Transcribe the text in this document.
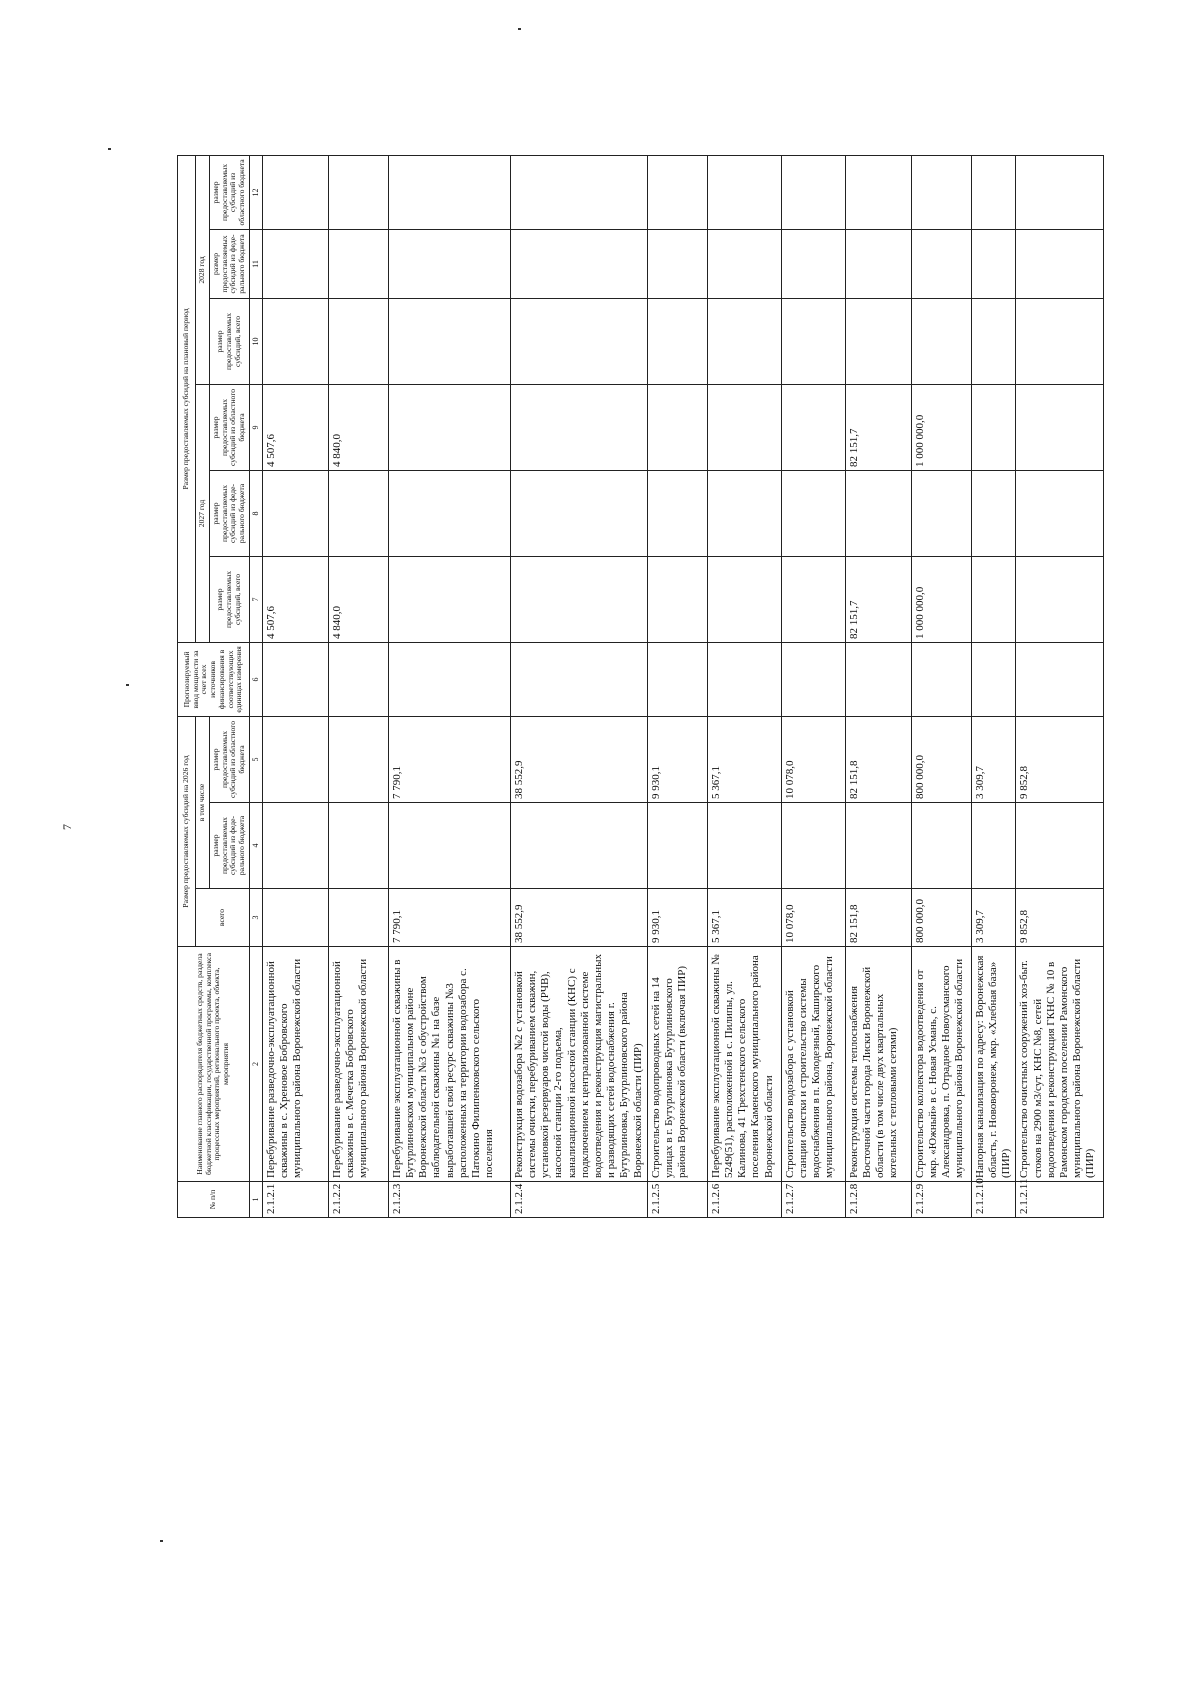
7
№ п/п	Наименование главного распорядителя бюджетных средств, раздела бюджетной классификации, государственной программы, комплекса процессных мероприятий, регионального проекта, объекта, мероприятия	Размер предоставляемых субсидий на 2026 год			Прогнозируемый ввод мощности за счет всех источников финансирования в соответствующих единицах измерения	Размер предоставляемых субсидий на плановый период					
		всего	в том числе			2027 год			2028 год		
			размер предоставляемых субсидий из феде-рального бюджета	размер предоставляемых субсидий из областного бюджета		размер предоставляемых субсидий, всего	размер предоставляемых субсидий из феде-рального бюджета	размер предоставляемых субсидий из областного бюджета	размер предоставляемых субсидий, всего	размер предоставляемых субсидий из феде-рального бюджета	размер предоставляемых субсидий из областного бюджета

1	2	3	4	5	6	7	8	9	10	11	12
2.1.2.1	Перебуривание разведочно-эксплуатационной скважины в с. Хреновое Бобровского муниципального района Воронежской области					4 507,6		4 507,6			
2.1.2.2	Перебуривание разведочно-эксплуатационной скважины в с. Мечетка Бобровского муниципального района Воронежской области					4 840,0		4 840,0			
2.1.2.3	Перебуривание эксплуатационной скважины в Бутурлиновском муниципальном районе Воронежской области №3 с обустройством наблюдательной скважины №1 на базе выработавшей свой ресурс скважины №3 расположенных на территории водозабора с. Патокино Филипенковского сельского поселения	7 790,1		7 790,1							
2.1.2.4	Реконструкция водозабора №2 с установкой системы очистки, перебуриванием скважин, установкой резервуаров чистой воды (РЧВ), насосной станции 2-го подъема, канализационной насосной станции (КНС) с подключением к централизованной системе водоотведения и реконструкция магистральных и разводящих сетей водоснабжения г. Бутурлиновка, Бутурлиновского района Воронежской области (ПИР)	38 552,9		38 552,9							
2.1.2.5	Строительство водопроводных сетей на 14 улицах в г. Бутурлиновка Бутурлиновского района Воронежской области (включая ПИР)	9 930,1		9 930,1							
2.1.2.6	Перебуривание эксплуатационной скважины № 5249(51), расположенной в с. Пилипы, ул. Калинова, 41 Трехстенского сельского поселения Каменского муниципального района Воронежской области	5 367,1		5 367,1							
2.1.2.7	Строительство водозабора с установкой станции очистки и строительство системы водоснабжения в п. Колодезный, Каширского муниципального района, Воронежской области	10 078,0		10 078,0							
2.1.2.8	Реконструкция системы теплоснабжения Восточной части города Лиски Воронежской области (в том числе двух квартальных котельных с тепловыми сетями)	82 151,8		82 151,8		82 151,7		82 151,7			
2.1.2.9	Строительство коллектора водоотведения от мкр. «Южный» в с. Новая Усмань, с. Александровка, п. Отрадное Новоусманского муниципального района Воронежской области	800 000,0		800 000,0		1 000 000,0		1 000 000,0			
2.1.2.10	Напорная канализация по адресу: Воронежская область, г. Нововоронеж, мкр. «Хлебная база» (ПИР)	3 309,7		3 309,7							
2.1.2.11	Строительство очистных сооружений хоз-быт. стоков на 2900 м3/сут, КНС №8, сетей водоотведения и реконструкция ГКНС № 10 в Рамонском городском поселении Рамонского муниципального района Воронежской области (ПИР)	9 852,8		9 852,8							
